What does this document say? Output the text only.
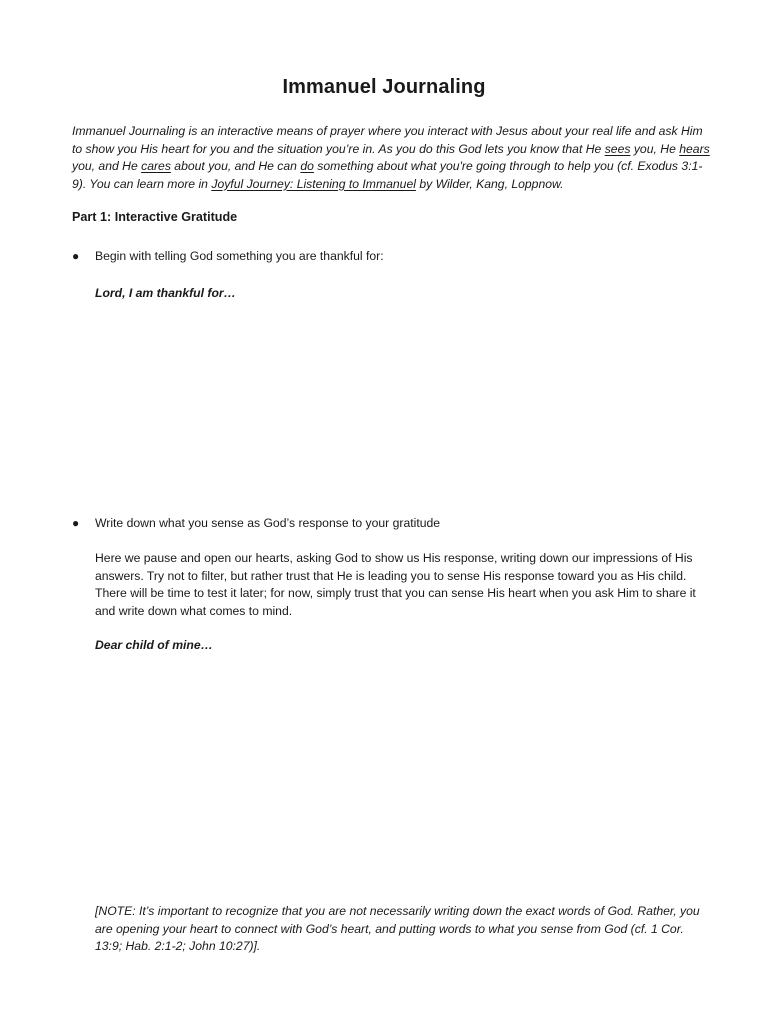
Immanuel Journaling
Immanuel Journaling is an interactive means of prayer where you interact with Jesus about your real life and ask Him to show you His heart for you and the situation you’re in. As you do this God lets you know that He sees you, He hears you, and He cares about you, and He can do something about what you're going through to help you (cf. Exodus 3:1-9). You can learn more in Joyful Journey: Listening to Immanuel by Wilder, Kang, Loppnow.
Part 1: Interactive Gratitude
● Begin with telling God something you are thankful for:
Lord, I am thankful for…
● Write down what you sense as God’s response to your gratitude
Here we pause and open our hearts, asking God to show us His response, writing down our impressions of His answers. Try not to filter, but rather trust that He is leading you to sense His response toward you as His child. There will be time to test it later; for now, simply trust that you can sense His heart when you ask Him to share it and write down what comes to mind.
Dear child of mine…
[NOTE: It’s important to recognize that you are not necessarily writing down the exact words of God. Rather, you are opening your heart to connect with God’s heart, and putting words to what you sense from God (cf. 1 Cor. 13:9; Hab. 2:1-2; John 10:27)].
